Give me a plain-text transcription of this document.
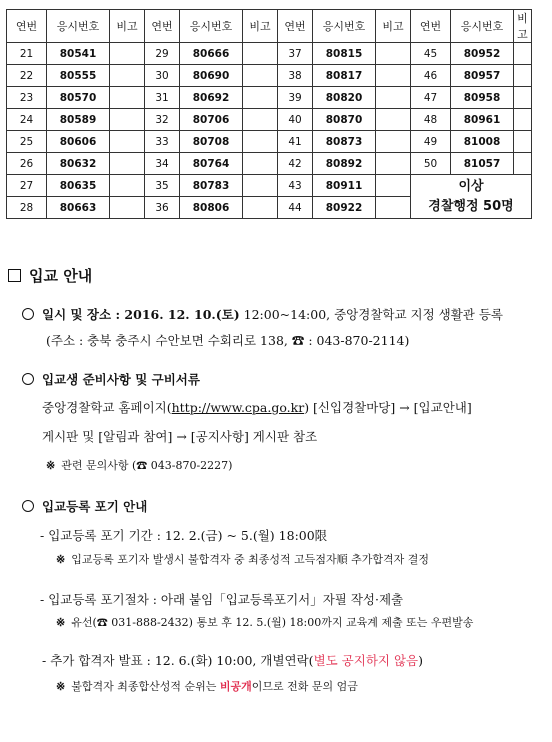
연번	응시번호	비고	연번	응시번호	비고	연번	응시번호	비고	연번	응시번호	비고
21	80541		29	80666		37	80815		45	80952	
22	80555		30	80690		38	80817		46	80957	
23	80570		31	80692		39	80820		47	80958	
24	80589		32	80706		40	80870		48	80961	
25	80606		33	80708		41	80873		49	81008	
26	80632		34	80764		42	80892		50	81057	
27	80635		35	80783		43	80911		이상
경찰행정 50명		

28	80663		36	80806		44	80922				
입교 안내
일시 및 장소 : 2016. 12. 10.(토) 12:00~14:00, 중앙경찰학교 지정 생활관 등록
(주소 : 충북 충주시 수안보면 수회리로 138, ☎ : 043-870-2114)
입교생 준비사항 및 구비서류
중앙경찰학교 홈페이지(http://www.cpa.go.kr) [신입경찰마당] → [입교안내]
게시판 및 [알림과 참여] → [공지사항] 게시판 참조
※ 관련 문의사항 (☎ 043-870-2227)
입교등록 포기 안내
- 입교등록 포기 기간 : 12. 2.(금) ~ 5.(월) 18:00限
※ 입교등록 포기자 발생시 불합격자 중 최종성적 고득점자順 추가합격자 결정
- 입교등록 포기절차 : 아래 붙임「입교등록포기서」자필 작성·제출
※ 유선(☎ 031-888-2432) 통보 후 12. 5.(월) 18:00까지 교육계 제출 또는 우편발송
- 추가 합격자 발표 : 12. 6.(화) 10:00, 개별연락(별도 공지하지 않음)
※ 불합격자 최종합산성적 순위는 비공개이므로 전화 문의 엄금
